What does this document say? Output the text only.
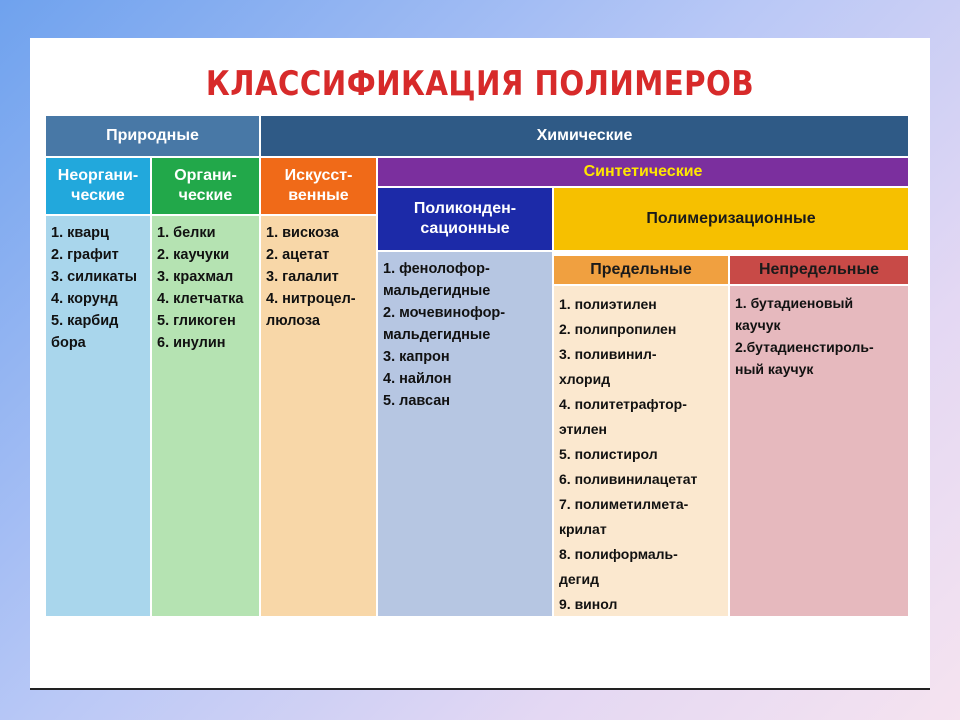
КЛАССИФИКАЦИЯ ПОЛИМЕРОВ
Природные	Химические
Неоргани-
ческие
Органи-
ческие
Искусст-
венные
Синтетические
Поликонден-
сационные
Полимеризационные
Предельные	Непредельные
1. кварц
2. графит
3. силикаты
4. корунд
5. карбид
бора
1. белки
2. каучуки
3. крахмал
4. клетчатка
5. гликоген
6. инулин
1. вискоза
2. ацетат
3. галалит
4. нитроцел-
люлоза
1. фенолофор-
мальдегидные
2. мочевинофор-
мальдегидные
3. капрон
4. найлон
5. лавсан
1. полиэтилен
2. полипропилен
3. поливинил-
хлорид
4. политетрафтор-
этилен
5. полистирол
6. поливинилацетат
7. полиметилмета-
крилат
8. полиформаль-
дегид
9. винол
1. бутадиеновый
каучук
2.бутадиенстироль-
ный каучук
